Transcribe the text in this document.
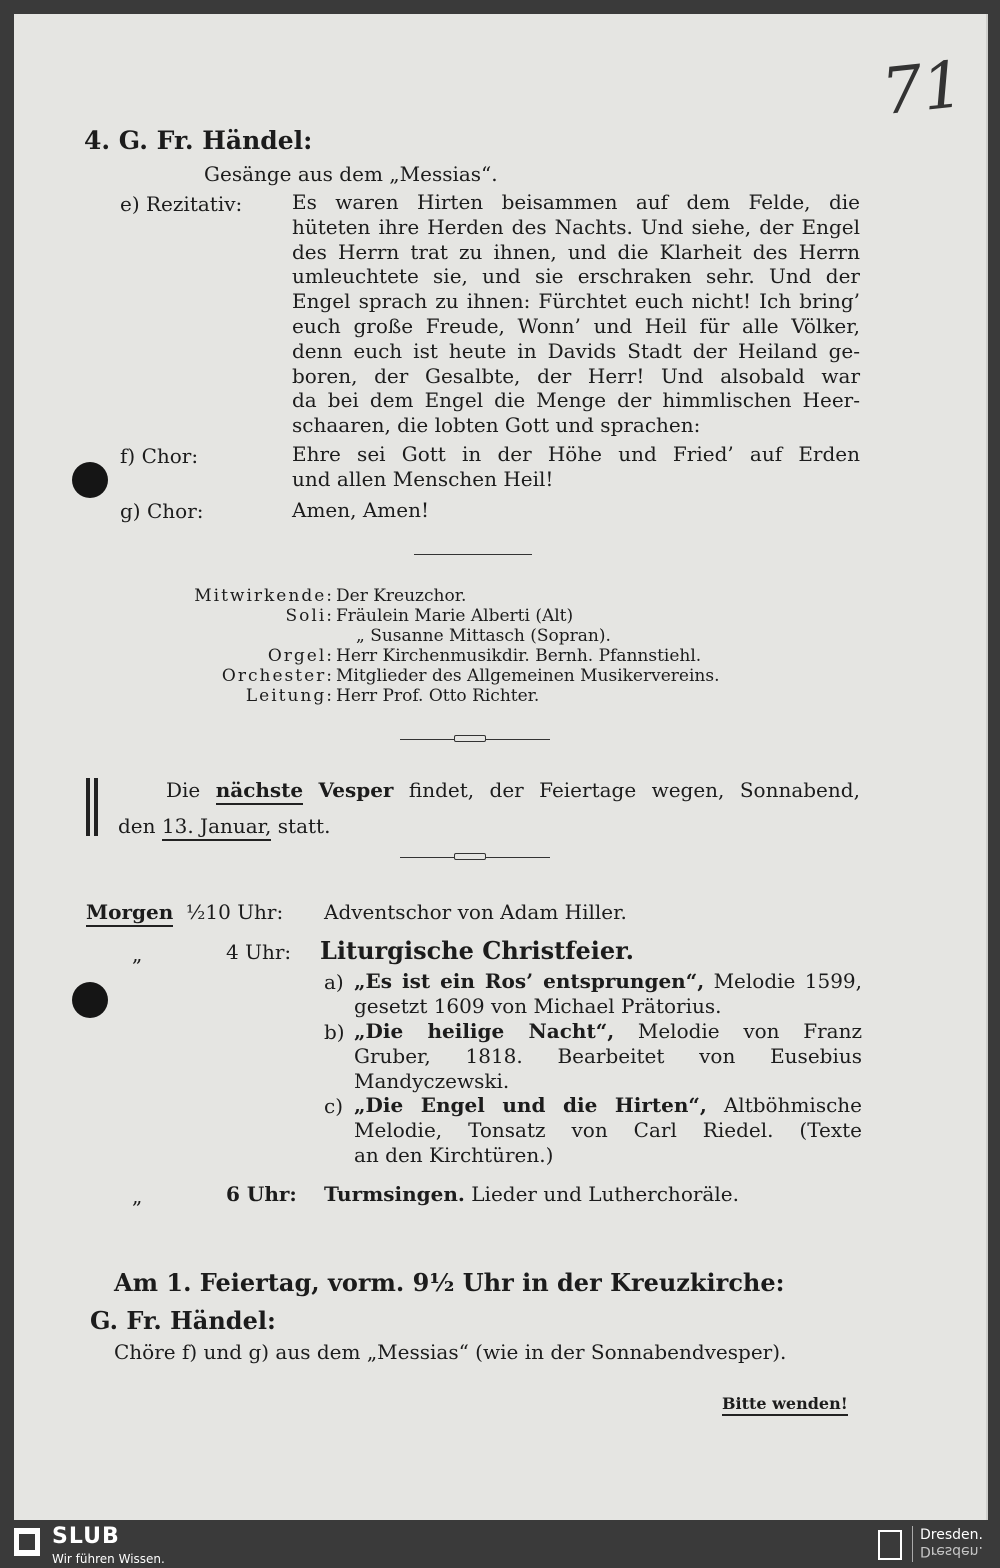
71
4. G. Fr. Händel:
Gesänge aus dem „Messias“.
e) Rezitativ: Es waren Hirten beisammen auf dem Felde, die
hüteten ihre Herden des Nachts. Und siehe, der Engel
des Herrn trat zu ihnen, und die Klarheit des Herrn
umleuchtete sie, und sie erschraken sehr. Und der
Engel sprach zu ihnen: Fürchtet euch nicht! Ich bring’
euch große Freude, Wonn’ und Heil für alle Völker,
denn euch ist heute in Davids Stadt der Heiland ge-
boren, der Gesalbte, der Herr! Und alsobald war
da bei dem Engel die Menge der himmlischen Heer-
schaaren, die lobten Gott und sprachen:
f) Chor:	Ehre sei Gott in der Höhe und Fried’ auf Erden
und allen Menschen Heil!
g) Chor:	Amen, Amen!
Mitwirkende: Der Kreuzchor.
Soli: Fräulein Marie Alberti (Alt)
„ Susanne Mittasch (Sopran).
Orgel: Herr Kirchenmusikdir. Bernh. Pfannstiehl.
Orchester: Mitglieder des Allgemeinen Musikervereins.
Leitung: Herr Prof. Otto Richter.
Die nächste Vesper findet, der Feiertage wegen, Sonnabend,
den 13. Januar, statt.
Morgen ½10 Uhr: Adventschor von Adam Hiller.
„	4 Uhr: Liturgische Christfeier.
a) „Es ist ein Ros’ entsprungen“, Melodie 1599,
gesetzt 1609 von Michael Prätorius.
b) „Die heilige Nacht“, Melodie von Franz
Gruber, 1818. Bearbeitet von Eusebius
Mandyczewski.
c) „Die Engel und die Hirten“, Altböhmische
Melodie, Tonsatz von Carl Riedel. (Texte
an den Kirchtüren.)
„	6 Uhr: Turmsingen. Lieder und Lutherchoräle.
Am 1. Feiertag, vorm. 9½ Uhr in der Kreuzkirche:
G. Fr. Händel:
Chöre f) und g) aus dem „Messias“ (wie in der Sonnabendvesper).
Bitte wenden!
SLUB
Wir führen Wissen.
Dresden.
Dresden.
